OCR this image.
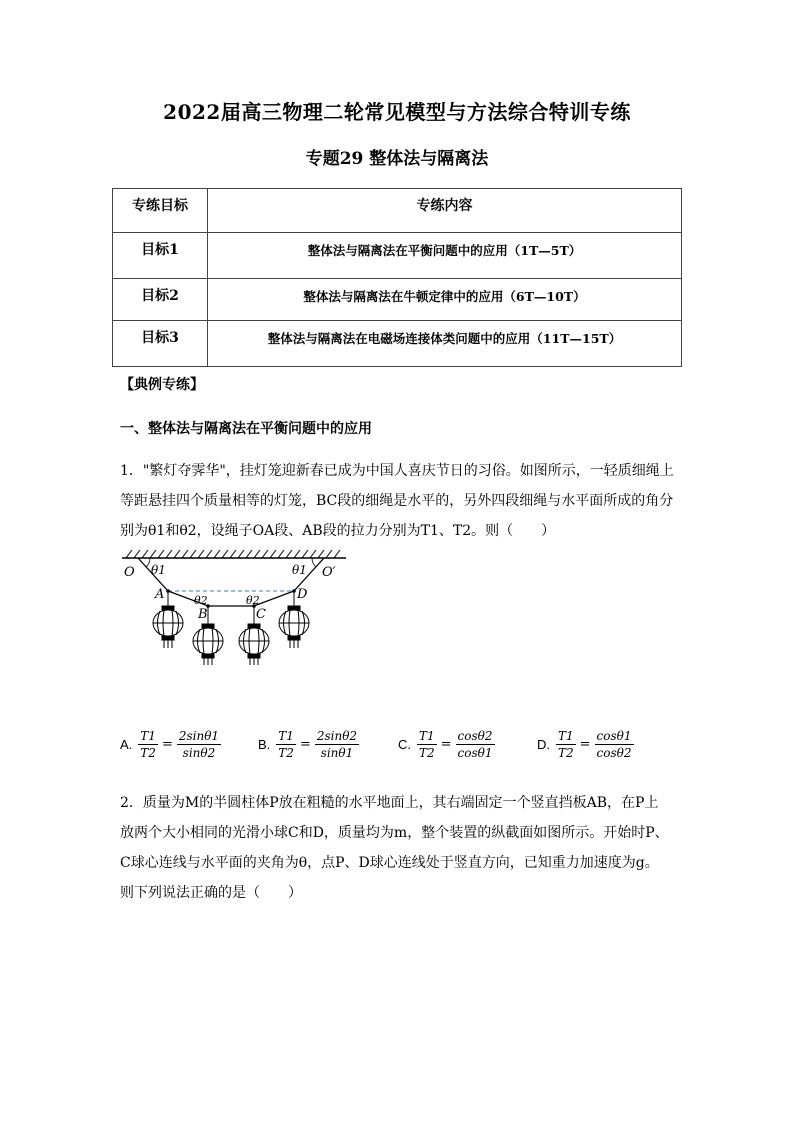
2022届高三物理二轮常见模型与方法综合特训专练
专题29 整体法与隔离法
专练目标	专练内容
目标1	整体法与隔离法在平衡问题中的应用（1T—5T）
目标2	整体法与隔离法在牛顿定律中的应用（6T—10T）
目标3	整体法与隔离法在电磁场连接体类问题中的应用（11T—15T）
【典例专练】
一、整体法与隔离法在平衡问题中的应用
1．"繁灯夺霁华"，挂灯笼迎新春已成为中国人喜庆节日的习俗。如图所示，一轻质细绳上
等距悬挂四个质量相等的灯笼，BC段的细绳是水平的，另外四段细绳与水平面所成的角分
别为θ1和θ2，设绳子OA段、AB段的拉力分别为T1、T2。则（　　）
O θ1	θ1 O′
A	θ2	θ2
B	C
D
A. $\frac{T1}{T2} = \frac{2\sin\theta 1}{\sin\theta 2}$	B. $\frac{T1}{T2} = \frac{2\sin\theta 2}{\sin\theta 1}$	C. $\frac{T1}{T2} = \frac{\cos\theta 2}{\cos\theta 1}$	D. $\frac{T1}{T2} = \frac{\cos\theta 1}{\cos\theta 2}$
2．质量为M的半圆柱体P放在粗糙的水平地面上，其右端固定一个竖直挡板AB，在P上
放两个大小相同的光滑小球C和D，质量均为m，整个装置的纵截面如图所示。开始时P、
C球心连线与水平面的夹角为θ，点P、D球心连线处于竖直方向，已知重力加速度为g。
则下列说法正确的是（　　）
